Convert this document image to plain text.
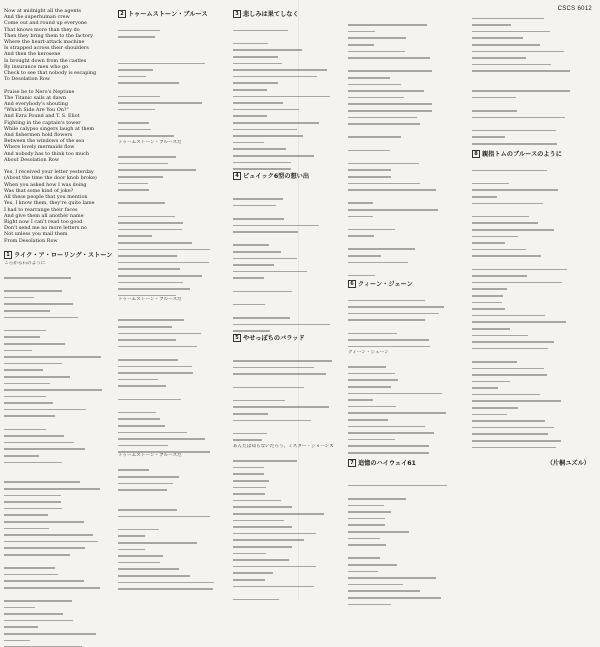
CSCS 6012
Now at midnight all the agents
And the superhuman crew
Come out and round up everyone
That knows more than they do
Then they bring them to the factory
Where the heart-attack machine
Is strapped across their shoulders
And then the kerosene
Is brought down from the castles
By insurance men who go
Check to see that nobody is escaping
To Desolation Row

Praise be to Nero's Neptune
The Titanic sails at dawn
And everybody's shouting
"Which Side Are You On?"
And Ezra Pound and T. S. Eliot
Fighting in the captain's tower
While calypso singers laugh at them
And fishermen hold flowers
Between the windows of the sea
Where lovely mermaids flow
And nobody has to think too much
About Desolation Row

Yes, I received your letter yesterday
(About the time the door knob broke)
When you asked how I was doing
Was that some kind of joke?
All these people that you mention
Yes, I know them, they're quite lame
I had to rearrange their faces
And give them all another name
Right now I can't read too good
Don't send me no more letters no
Not unless you mail them
From Desolation Row
1 ライク・ア・ローリング・ストーン
ころがる石のように
2 トゥームストーン・ブルース
トゥームストーン・ブルースだ
トゥームストーン・ブルースだ
トゥームストーン・ブルースだ
3 悲しみは果てしなく
4 ビュイック6型の想い出
5 やせっぽちのバラッド
あんたは知らないだろう、ミスター・ジョーンズ
6 クィーン・ジェーン
クィーン・ジェーン
7 追憶のハイウェイ61
8 親指トムのブルースのように
（片桐ユズル）
